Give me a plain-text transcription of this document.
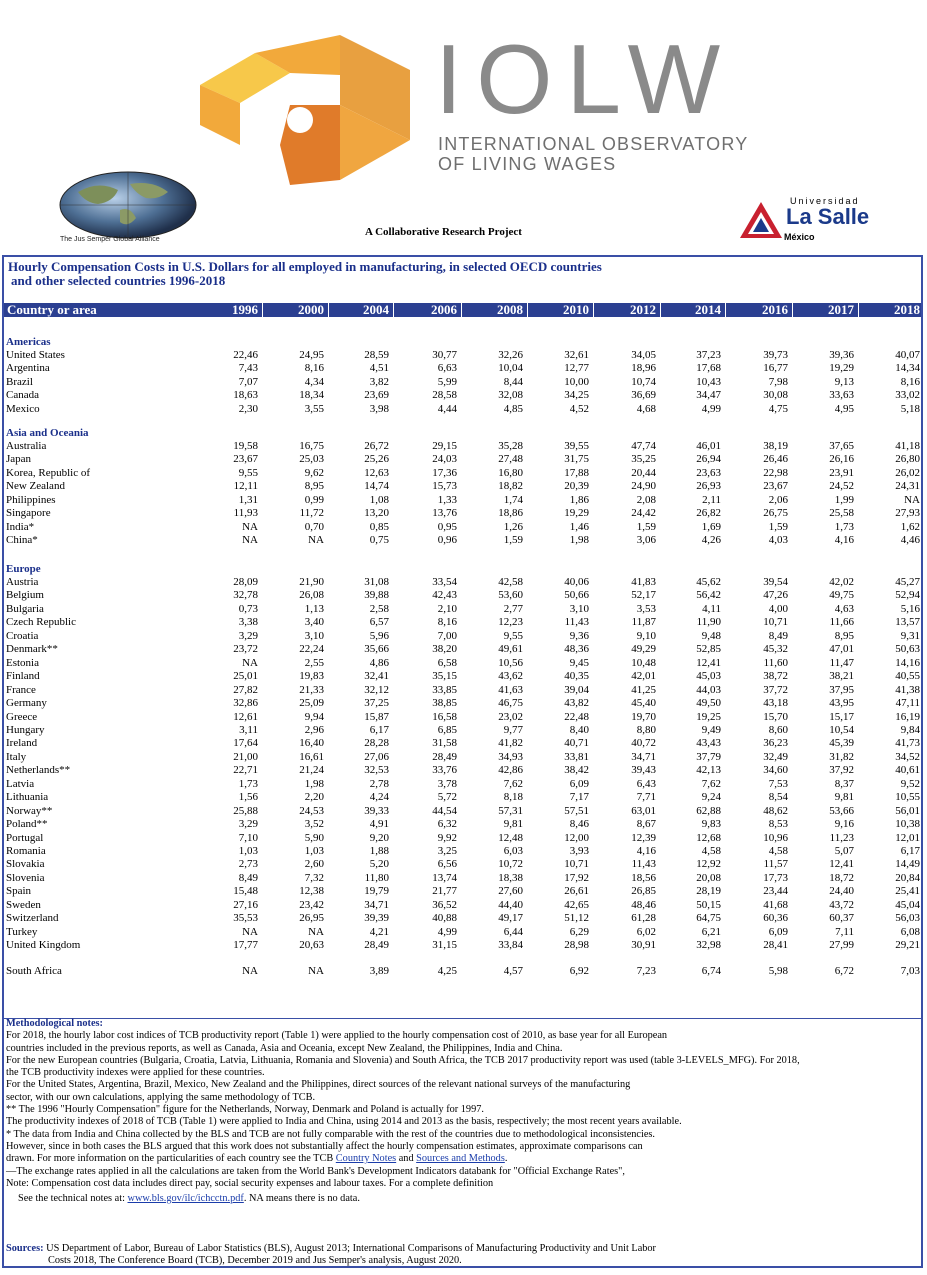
IOLW
INTERNATIONAL OBSERVATORY
OF LIVING WAGES
The Jus Semper Global Alliance
A Collaborative Research Project
Universidad
La Salle
México
Hourly Compensation Costs in U.S. Dollars for all employed in manufacturing, in selected OECD countries
and other selected countries 1996-2018
Country or area	1996	2000	2004	2006	2008	2010	2012	2014	2016	2017	2018
Americas
United States	22,46	24,95	28,59	30,77	32,26	32,61	34,05	37,23	39,73	39,36	40,07
Argentina	7,43	8,16	4,51	6,63	10,04	12,77	18,96	17,68	16,77	19,29	14,34
Brazil	7,07	4,34	3,82	5,99	8,44	10,00	10,74	10,43	7,98	9,13	8,16
Canada	18,63	18,34	23,69	28,58	32,08	34,25	36,69	34,47	30,08	33,63	33,02
Mexico	2,30	3,55	3,98	4,44	4,85	4,52	4,68	4,99	4,75	4,95	5,18
Asia and Oceania
Australia	19,58	16,75	26,72	29,15	35,28	39,55	47,74	46,01	38,19	37,65	41,18
Japan	23,67	25,03	25,26	24,03	27,48	31,75	35,25	26,94	26,46	26,16	26,80
Korea, Republic of	9,55	9,62	12,63	17,36	16,80	17,88	20,44	23,63	22,98	23,91	26,02
New Zealand	12,11	8,95	14,74	15,73	18,82	20,39	24,90	26,93	23,67	24,52	24,31
Philippines	1,31	0,99	1,08	1,33	1,74	1,86	2,08	2,11	2,06	1,99	NA
Singapore	11,93	11,72	13,20	13,76	18,86	19,29	24,42	26,82	26,75	25,58	27,93
India*	NA	0,70	0,85	0,95	1,26	1,46	1,59	1,69	1,59	1,73	1,62
China*	NA	NA	0,75	0,96	1,59	1,98	3,06	4,26	4,03	4,16	4,46
Europe
Austria	28,09	21,90	31,08	33,54	42,58	40,06	41,83	45,62	39,54	42,02	45,27
Belgium	32,78	26,08	39,88	42,43	53,60	50,66	52,17	56,42	47,26	49,75	52,94
Bulgaria	0,73	1,13	2,58	2,10	2,77	3,10	3,53	4,11	4,00	4,63	5,16
Czech Republic	3,38	3,40	6,57	8,16	12,23	11,43	11,87	11,90	10,71	11,66	13,57
Croatia	3,29	3,10	5,96	7,00	9,55	9,36	9,10	9,48	8,49	8,95	9,31
Denmark**	23,72	22,24	35,66	38,20	49,61	48,36	49,29	52,85	45,32	47,01	50,63
Estonia	NA	2,55	4,86	6,58	10,56	9,45	10,48	12,41	11,60	11,47	14,16
Finland	25,01	19,83	32,41	35,15	43,62	40,35	42,01	45,03	38,72	38,21	40,55
France	27,82	21,33	32,12	33,85	41,63	39,04	41,25	44,03	37,72	37,95	41,38
Germany	32,86	25,09	37,25	38,85	46,75	43,82	45,40	49,50	43,18	43,95	47,11
Greece	12,61	9,94	15,87	16,58	23,02	22,48	19,70	19,25	15,70	15,17	16,19
Hungary	3,11	2,96	6,17	6,85	9,77	8,40	8,80	9,49	8,60	10,54	9,84
Ireland	17,64	16,40	28,28	31,58	41,82	40,71	40,72	43,43	36,23	45,39	41,73
Italy	21,00	16,61	27,06	28,49	34,93	33,81	34,71	37,79	32,49	31,82	34,52
Netherlands**	22,71	21,24	32,53	33,76	42,86	38,42	39,43	42,13	34,60	37,92	40,61
Latvia	1,73	1,98	2,78	3,78	7,62	6,09	6,43	7,62	7,53	8,37	9,52
Lithuania	1,56	2,20	4,24	5,72	8,18	7,17	7,71	9,24	8,54	9,81	10,55
Norway**	25,88	24,53	39,33	44,54	57,31	57,51	63,01	62,88	48,62	53,66	56,01
Poland**	3,29	3,52	4,91	6,32	9,81	8,46	8,67	9,83	8,53	9,16	10,38
Portugal	7,10	5,90	9,20	9,92	12,48	12,00	12,39	12,68	10,96	11,23	12,01
Romania	1,03	1,03	1,88	3,25	6,03	3,93	4,16	4,58	4,58	5,07	6,17
Slovakia	2,73	2,60	5,20	6,56	10,72	10,71	11,43	12,92	11,57	12,41	14,49
Slovenia	8,49	7,32	11,80	13,74	18,38	17,92	18,56	20,08	17,73	18,72	20,84
Spain	15,48	12,38	19,79	21,77	27,60	26,61	26,85	28,19	23,44	24,40	25,41
Sweden	27,16	23,42	34,71	36,52	44,40	42,65	48,46	50,15	41,68	43,72	45,04
Switzerland	35,53	26,95	39,39	40,88	49,17	51,12	61,28	64,75	60,36	60,37	56,03
Turkey	NA	NA	4,21	4,99	6,44	6,29	6,02	6,21	6,09	7,11	6,08
United Kingdom	17,77	20,63	28,49	31,15	33,84	28,98	30,91	32,98	28,41	27,99	29,21
South Africa	NA	NA	3,89	4,25	4,57	6,92	7,23	6,74	5,98	6,72	7,03
Methodological notes:
For 2018, the hourly labor cost indices of TCB productivity report (Table 1) were applied to the hourly compensation cost of 2010, as base year for all European
countries included in the previous reports, as well as Canada, Asia and Oceania, except New Zealand, the Philippines, India and China.
For the new European countries (Bulgaria, Croatia, Latvia, Lithuania, Romania and Slovenia) and South Africa, the TCB 2017 productivity report was used (table 3-LEVELS_MFG). For 2018,
the TCB productivity indexes were applied for these countries.
For the United States, Argentina, Brazil, Mexico, New Zealand and the Philippines, direct sources of the relevant national surveys of the manufacturing
sector, with our own calculations, applying the same methodology of TCB.
** The 1996 "Hourly Compensation" figure for the Netherlands, Norway, Denmark and Poland is actually for 1997.
The productivity indexes of 2018 of TCB (Table 1) were applied to India and China, using 2014 and 2013 as the basis, respectively; the most recent years available.
* The data from India and China collected by the BLS and TCB are not fully comparable with the rest of the countries due to methodological inconsistencies.
However, since in both cases the BLS argued that this work does not substantially affect the hourly compensation estimates, approximate comparisons can
drawn. For more information on the particularities of each country see the TCB Country Notes and Sources and Methods.
—The exchange rates applied in all the calculations are taken from the World Bank's Development Indicators databank for "Official Exchange Rates",
Note: Compensation cost data includes direct pay, social security expenses and labour taxes. For a complete definition
See the technical notes at: www.bls.gov/ilc/ichcctn.pdf. NA means there is no data.
Sources: US Department of Labor, Bureau of Labor Statistics (BLS), August 2013; International Comparisons of Manufacturing Productivity and Unit Labor
Costs 2018, The Conference Board (TCB), December 2019 and Jus Semper's analysis, August 2020.
